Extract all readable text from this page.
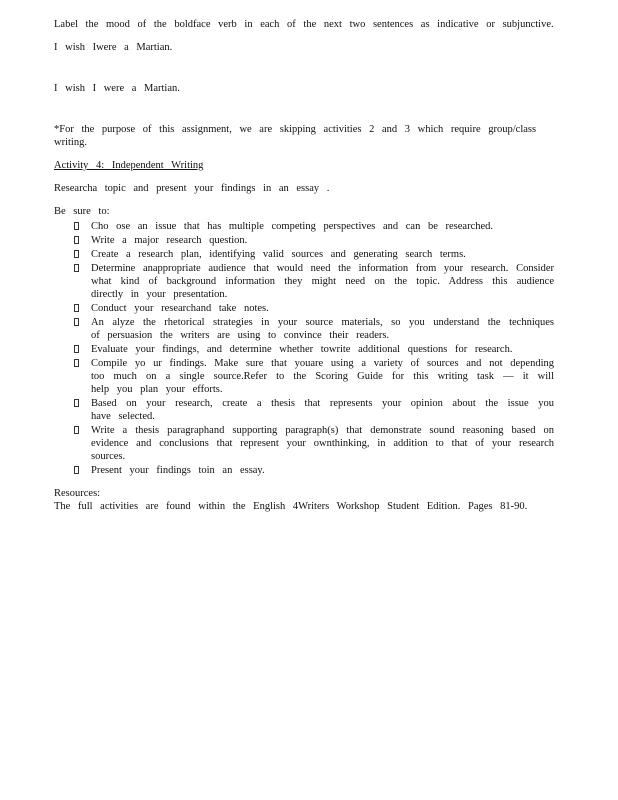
Label the mood of the boldface verb in each of the next two sentences as indicative or subjunctive.

I wish Iwere a Martian.

I wish I were a Martian.

*For the purpose of this assignment, we are skipping activities 2 and 3 which require group/class writing.

Activity 4: Independent Writing

Researcha topic and present your findings in an essay .

Be sure to:

Cho ose an issue that has multiple competing perspectives and can be researched.
Write a major research question.
Create a research plan, identifying valid sources and generating search terms.
Determine anappropriate audience that would need the information from your research. Consider what kind of background information they might need on the topic. Address this audience directly in your presentation.
Conduct your researchand take notes.
An alyze the rhetorical strategies in your source materials, so you understand the techniques of persuasion the writers are using to convince their readers.
Evaluate your findings, and determine whether towrite additional questions for research.
Compile yo ur findings. Make sure that youare using a variety of sources and not depending too much on a single source.Refer to the Scoring Guide for this writing task — it will help you plan your efforts.
Based on your research, create a thesis that represents your opinion about the issue you have selected.
Write a thesis paragraphand supporting paragraph(s) that demonstrate sound reasoning based on evidence and conclusions that represent your ownthinking, in addition to that of your research sources.
Present your findings toin an essay.

Resources:

The full activities are found within the English 4Writers Workshop Student Edition. Pages 81-90.
